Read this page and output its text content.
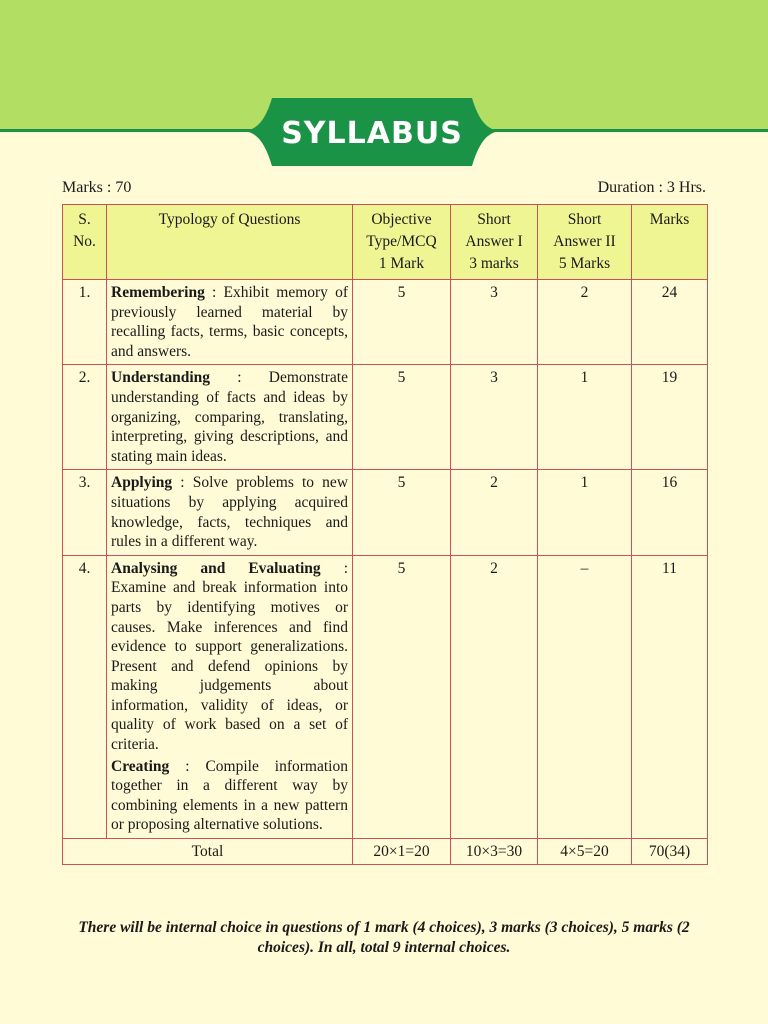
SYLLABUS
Marks : 70	Duration : 3 Hrs.
S.
No.	Typology of Questions	Objective
Type/MCQ
1 Mark	Short
Answer I
3 marks	Short
Answer II
5 Marks	Marks
1.	Remembering : Exhibit memory of previously learned material by recalling facts, terms, basic concepts, and answers.	5	3	2	24
2.	Understanding : Demonstrate understanding of facts and ideas by organizing, comparing, translating, interpreting, giving descriptions, and stating main ideas.	5	3	1	19
3.	Applying : Solve problems to new situations by applying acquired knowledge, facts, techniques and rules in a different way.	5	2	1	16
4.	Analysing and Evaluating : Examine and break information into parts by identifying motives or causes. Make inferences and find evidence to support generalizations. Present and defend opinions by making judgements about information, validity of ideas, or quality of work based on a set of criteria.

Creating : Compile information together in a different way by combining elements in a new pattern or proposing alternative solutions.	5	2	–	11
Total		20×1=20	10×3=30	4×5=20	70(34)
There will be internal choice in questions of 1 mark (4 choices), 3 marks (3 choices), 5 marks (2 choices). In all, total 9 internal choices.
